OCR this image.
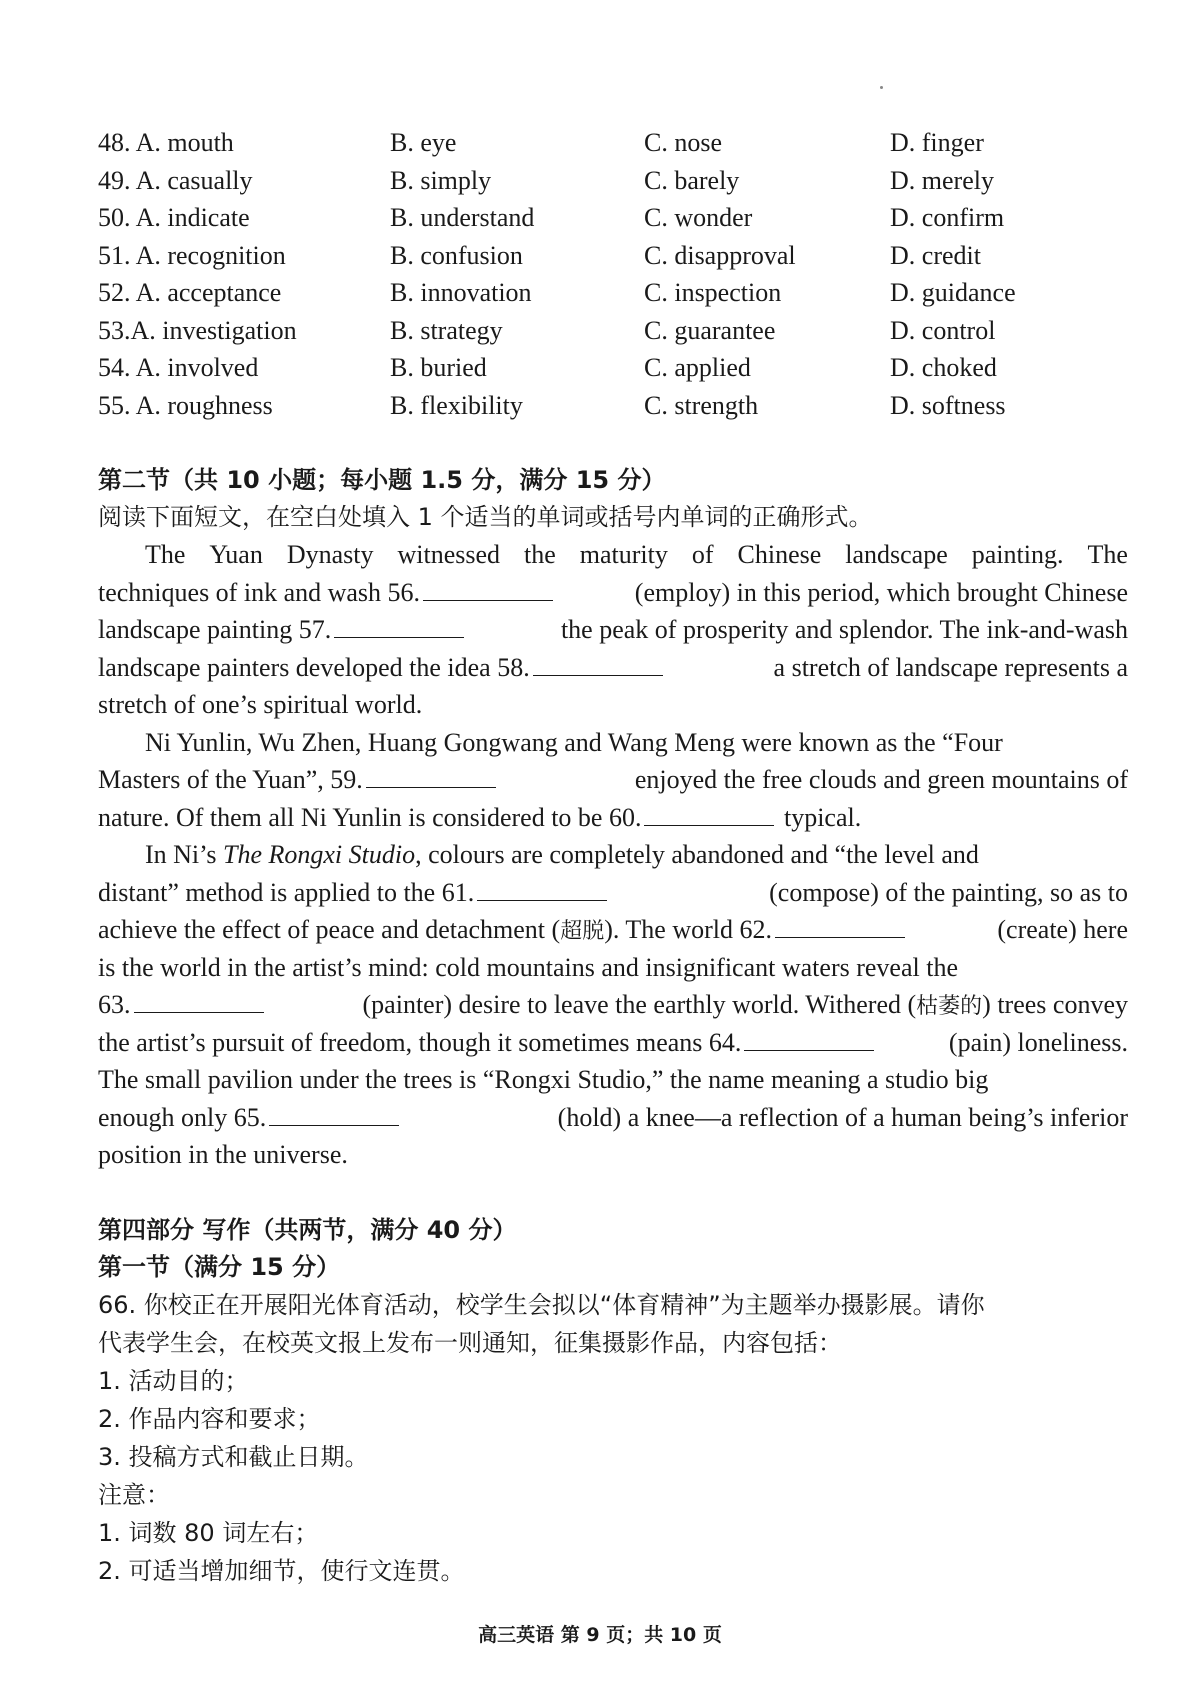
48. A. mouth	B. eye	C. nose	D. finger
49. A. casually	B. simply	C. barely	D. merely
50. A. indicate	B. understand	C. wonder	D. confirm
51. A. recognition	B. confusion	C. disapproval	D. credit
52. A. acceptance	B. innovation	C. inspection	D. guidance
53.A. investigation	B. strategy	C. guarantee	D. control
54. A. involved	B. buried	C. applied	D. choked
55. A. roughness	B. flexibility	C. strength	D. softness
第二节（共 10 小题；每小题 1.5 分，满分 15 分）
阅读下面短文，在空白处填入 1 个适当的单词或括号内单词的正确形式。
The Yuan Dynasty witnessed the maturity of Chinese landscape painting. The
techniques of ink and wash 56.	(employ) in this period, which brought Chinese
landscape painting 57.	the peak of prosperity and splendor. The ink-and-wash
landscape painters developed the idea 58.	a stretch of landscape represents a
stretch of one’s spiritual world.
Ni Yunlin, Wu Zhen, Huang Gongwang and Wang Meng were known as the “Four
Masters of the Yuan”, 59.	enjoyed the free clouds and green mountains of
nature. Of them all Ni Yunlin is considered to be 60.	typical.
In Ni’s The Rongxi Studio, colours are completely abandoned and “the level and
distant” method is applied to the 61.	(compose) of the painting, so as to
achieve the effect of peace and detachment (超脱). The world 62.	(create) here
is the world in the artist’s mind: cold mountains and insignificant waters reveal the
63.	(painter) desire to leave the earthly world. Withered (枯萎的) trees convey
the artist’s pursuit of freedom, though it sometimes means 64.	(pain) loneliness.
The small pavilion under the trees is “Rongxi Studio,” the name meaning a studio big
enough only 65.	(hold) a knee—a reflection of a human being’s inferior
position in the universe.
第四部分 写作（共两节，满分 40 分）
第一节（满分 15 分）
66. 你校正在开展阳光体育活动，校学生会拟以“体育精神”为主题举办摄影展。请你
代表学生会，在校英文报上发布一则通知，征集摄影作品，内容包括：
1. 活动目的；
2. 作品内容和要求；
3. 投稿方式和截止日期。
注意：
1. 词数 80 词左右；
2. 可适当增加细节，使行文连贯。
高三英语 第 9 页；共 10 页
